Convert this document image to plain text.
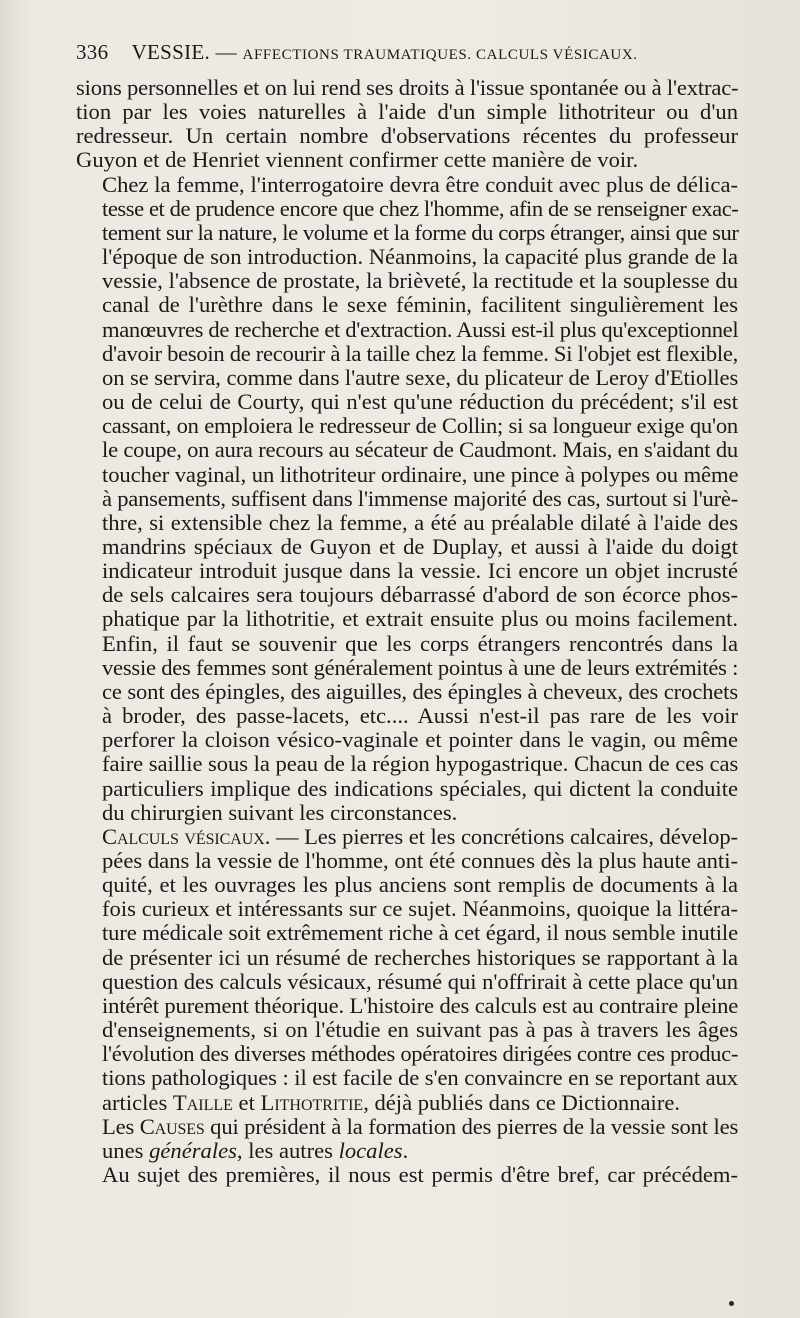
336 VESSIE. — AFFECTIONS TRAUMATIQUES. CALCULS VÉSICAUX.

sions personnelles et on lui rend ses droits à l'issue spontanée ou à l'extrac-
tion par les voies naturelles à l'aide d'un simple lithotriteur ou d'un
redresseur. Un certain nombre d'observations récentes du professeur
Guyon et de Henriet viennent confirmer cette manière de voir.

Chez la femme, l'interrogatoire devra être conduit avec plus de délica-
tesse et de prudence encore que chez l'homme, afin de se renseigner exac-
tement sur la nature, le volume et la forme du corps étranger, ainsi que sur
l'époque de son introduction. Néanmoins, la capacité plus grande de la
vessie, l'absence de prostate, la brièveté, la rectitude et la souplesse du
canal de l'urèthre dans le sexe féminin, facilitent singulièrement les
manœuvres de recherche et d'extraction. Aussi est-il plus qu'exceptionnel
d'avoir besoin de recourir à la taille chez la femme. Si l'objet est flexible,
on se servira, comme dans l'autre sexe, du plicateur de Leroy d'Etiolles
ou de celui de Courty, qui n'est qu'une réduction du précédent; s'il est
cassant, on emploiera le redresseur de Collin; si sa longueur exige qu'on
le coupe, on aura recours au sécateur de Caudmont. Mais, en s'aidant du
toucher vaginal, un lithotriteur ordinaire, une pince à polypes ou même
à pansements, suffisent dans l'immense majorité des cas, surtout si l'urè-
thre, si extensible chez la femme, a été au préalable dilaté à l'aide des
mandrins spéciaux de Guyon et de Duplay, et aussi à l'aide du doigt
indicateur introduit jusque dans la vessie. Ici encore un objet incrusté
de sels calcaires sera toujours débarrassé d'abord de son écorce phos-
phatique par la lithotritie, et extrait ensuite plus ou moins facilement.
Enfin, il faut se souvenir que les corps étrangers rencontrés dans la
vessie des femmes sont généralement pointus à une de leurs extrémités :
ce sont des épingles, des aiguilles, des épingles à cheveux, des crochets
à broder, des passe-lacets, etc.... Aussi n'est-il pas rare de les voir
perforer la cloison vésico-vaginale et pointer dans le vagin, ou même
faire saillie sous la peau de la région hypogastrique. Chacun de ces cas
particuliers implique des indications spéciales, qui dictent la conduite
du chirurgien suivant les circonstances.

Calculs vésicaux. — Les pierres et les concrétions calcaires, dévelop-
pées dans la vessie de l'homme, ont été connues dès la plus haute anti-
quité, et les ouvrages les plus anciens sont remplis de documents à la
fois curieux et intéressants sur ce sujet. Néanmoins, quoique la littéra-
ture médicale soit extrêmement riche à cet égard, il nous semble inutile
de présenter ici un résumé de recherches historiques se rapportant à la
question des calculs vésicaux, résumé qui n'offrirait à cette place qu'un
intérêt purement théorique. L'histoire des calculs est au contraire pleine
d'enseignements, si on l'étudie en suivant pas à pas à travers les âges
l'évolution des diverses méthodes opératoires dirigées contre ces produc-
tions pathologiques : il est facile de s'en convaincre en se reportant aux
articles Taille et Lithotritie, déjà publiés dans ce Dictionnaire.

Les Causes qui président à la formation des pierres de la vessie sont les
unes générales, les autres locales.

Au sujet des premières, il nous est permis d'être bref, car précédem-
